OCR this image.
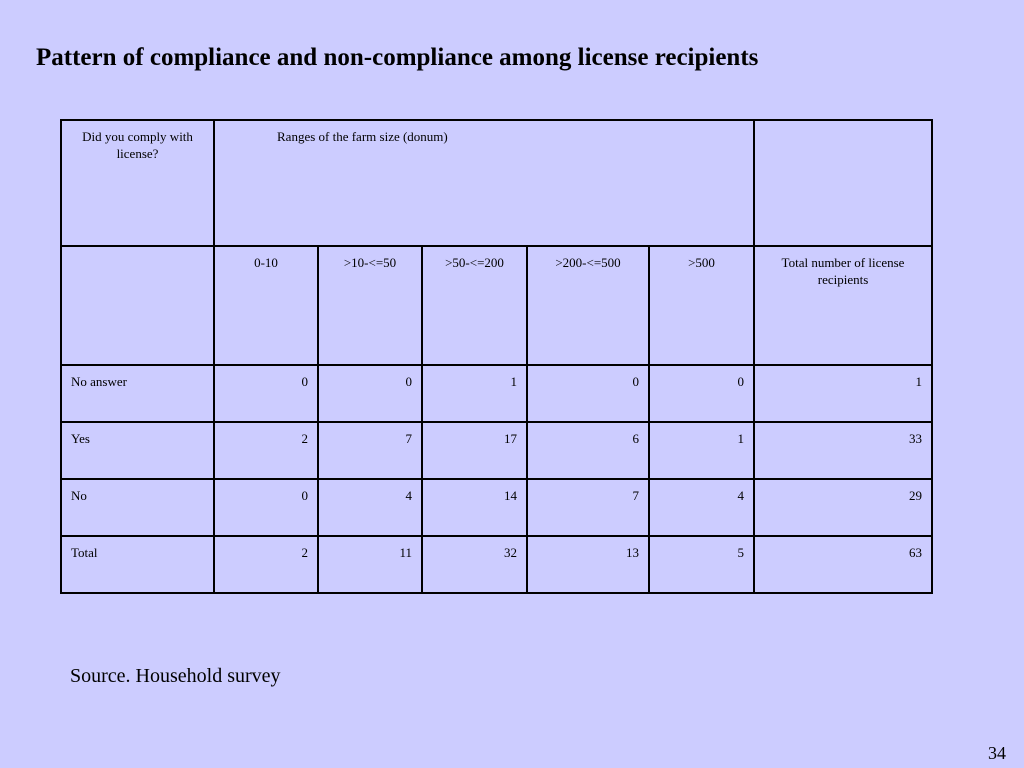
Pattern of compliance and non-compliance among license recipients
Did you comply with license?	Ranges of the farm size (donum)					
	0-10	>10-<=50	>50-<=200	>200-<=500	>500	Total number of license recipients
No answer	0	0	1	0	0	1
Yes	2	7	17	6	1	33
No	0	4	14	7	4	29
Total	2	11	32	13	5	63
Source. Household survey
34
